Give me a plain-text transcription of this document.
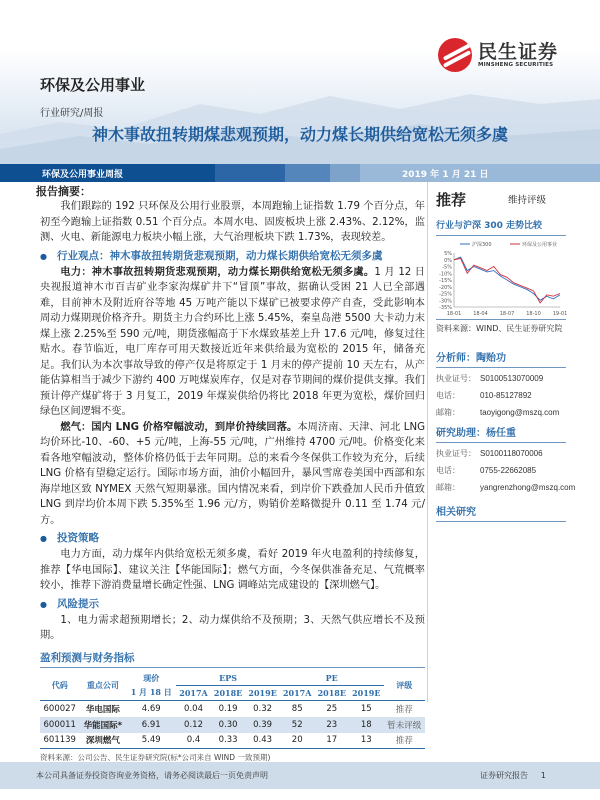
民生证券
MINSHENG SECURITIES
环保及公用事业
行业研究/周报
神木事故扭转期煤悲观预期，动力煤长期供给宽松无须多虞
环保及公用事业周报	2019 年 1 月 21 日
报告摘要：

我们跟踪的 192 只环保及公用行业股票，本周跑输上证指数 1.79 个百分点，年初至今跑输上证指数 0.51 个百分点。本周水电、固废板块上涨 2.43%、2.12%，监测、火电、新能源电力板块小幅上涨，大气治理板块下跌 1.73%，表现较差。

● 行业观点：神木事故扭转期货悲观预期，动力煤长期供给宽松无须多虞

电力：神木事故扭转期货悲观预期，动力煤长期供给宽松无须多虞。1 月 12 日央视报道神木市百吉矿业李家沟煤矿井下“冒顶”事故，据确认受困 21 人已全部遇难，目前神木及附近府谷等地 45 万吨产能以下煤矿已被要求停产自查，受此影响本周动力煤期现价格齐升。期货主力合约环比上涨 5.45%，秦皇岛港 5500 大卡动力末煤上涨 2.25%至 590 元/吨，期货涨幅高于下水煤致基差上升 17.6 元/吨，修复过往贴水。春节临近，电厂库存可用天数接近近年来供给最为宽松的 2015 年，储备充足。我们认为本次事故导致的停产仅是将原定于 1 月末的停产提前 10 天左右，从产能估算相当于减少下游约 400 万吨煤炭库存，仅是对春节期间的煤价提供支撑。我们预计停产煤矿将于 3 月复工，2019 年煤炭供给仍将比 2018 年更为宽松，煤价回归绿色区间逻辑不变。

燃气：国内 LNG 价格窄幅波动，到岸价持续回落。本周济南、天津、河北 LNG 均价环比-10、-60、+5 元/吨，上海-55 元/吨，广州维持 4700 元/吨。价格变化来看各地窄幅波动，整体价格仍低于去年同期。总的来看今冬保供工作较为充分，后续 LNG 价格有望稳定运行。国际市场方面，油价小幅回升，暴风雪席卷美国中西部和东海岸地区致 NYMEX 天然气短期暴涨。国内情况来看，到岸价下跌叠加人民币升值致 LNG 到岸均价本周下跌 5.35%至 1.96 元/方，购销价差略微提升 0.11 至 1.74 元/方。

● 投资策略

电力方面，动力煤年内供给宽松无须多虞，看好 2019 年火电盈利的持续修复，推荐【华电国际】、建议关注【华能国际】；燃气方面，今冬保供准备充足、气荒概率较小，推荐下游消费量增长确定性强、LNG 调峰站完成建设的【深圳燃气】。

● 风险提示

1、电力需求超预期增长；2、动力煤供给不及预期；3、天然气供应增长不及预期。

盈利预测与财务指标
代码	重点公司	现价	EPS			PE			评级
		1 月 18 日	2017A	2018E	2019E	2017A	2018E	2019E	
600027	华电国际	4.69	0.04	0.19	0.32	85	25	15	推荐
600011	华能国际*	6.91	0.12	0.30	0.39	52	23	18	暂未评级
601139	深圳燃气	5.49	0.4	0.33	0.43	20	17	13	推荐
资料来源：公司公告、民生证券研究院(标*公司来自 WIND 一致预期)
推荐	维持评级
行业与沪深 300 走势比较
5%
0%
-5%
-10%
-15%
-20%
-25%
-30%
-35%
18-01 18-04 18-07 18-10 19-01
沪深300	环保及公用事业
资料来源：WIND、民生证券研究院
分析师：陶贻功
执业证号： S0100513070009
电话：	010-85127892
邮箱：	taoyigong@mszq.com
研究助理：杨任重
执业证号： S0100118070006
电话：	0755-22662085
邮箱：	yangrenzhong@mszq.com
相关研究
本公司具备证券投资咨询业务资格，请务必阅读最后一页免责声明	证券研究报告 1
